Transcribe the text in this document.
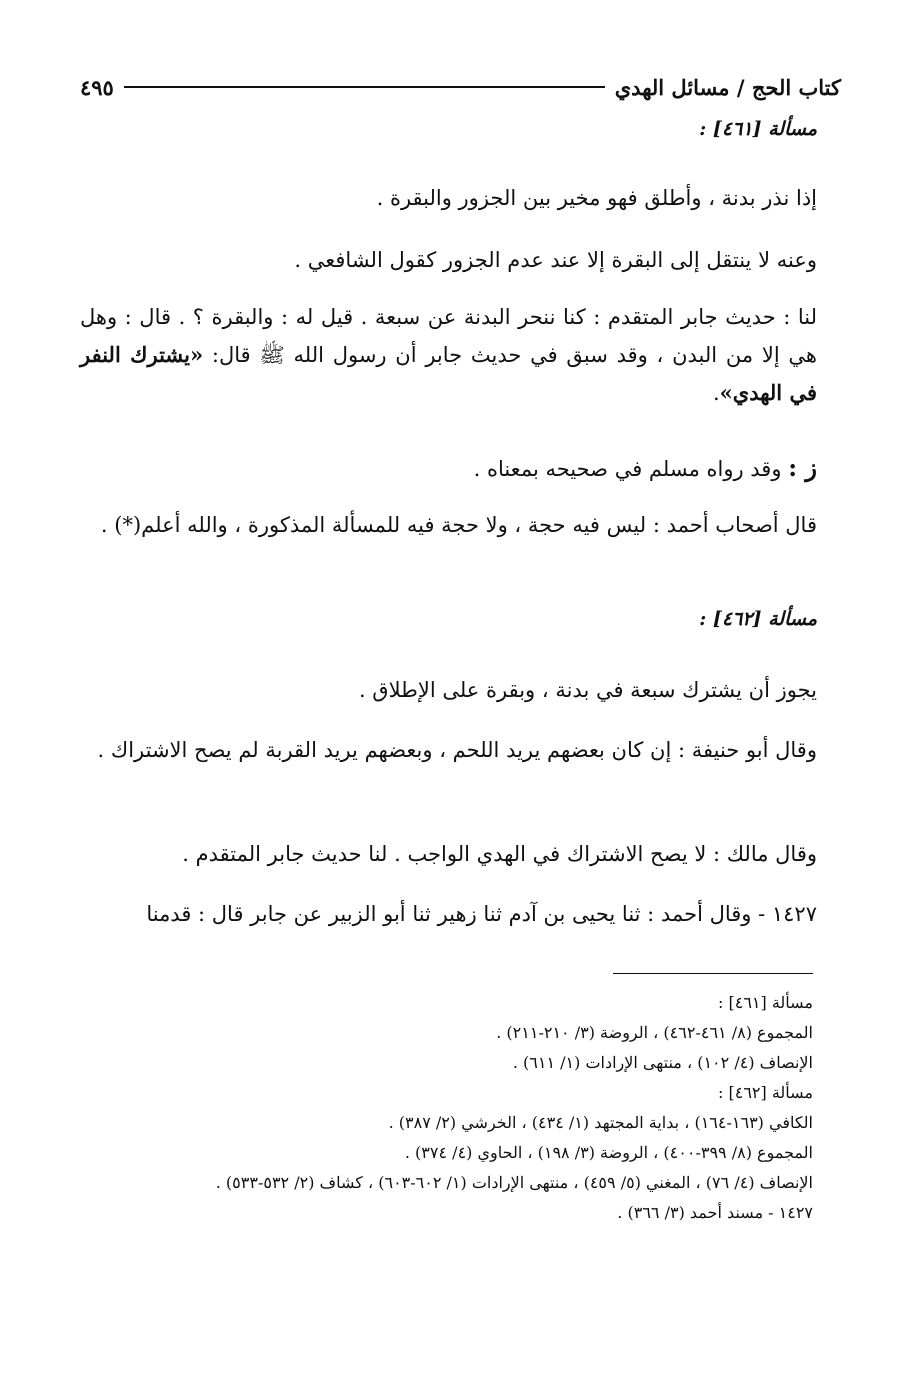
كتاب الحج / مسائل الهدي
٤٩٥
مسألة [٤٦١] :
إذا نذر بدنة ، وأطلق فهو مخير بين الجزور والبقرة .
وعنه لا ينتقل إلى البقرة إلا عند عدم الجزور كقول الشافعي .
لنا : حديث جابر المتقدم : كنا ننحر البدنة عن سبعة . قيل له : والبقرة ؟ . قال : وهل هي إلا من البدن ، وقد سبق في حديث جابر أن رسول الله ﷺ قال: «يشترك النفر في الهدي».
ز : وقد رواه مسلم في صحيحه بمعناه .
قال أصحاب أحمد : ليس فيه حجة ، ولا حجة فيه للمسألة المذكورة ، والله أعلم(*) .
مسألة [٤٦٢] :
يجوز أن يشترك سبعة في بدنة ، وبقرة على الإطلاق .
وقال أبو حنيفة : إن كان بعضهم يريد اللحم ، وبعضهم يريد القربة لم يصح الاشتراك .
وقال مالك : لا يصح الاشتراك في الهدي الواجب . لنا حديث جابر المتقدم .
١٤٢٧ - وقال أحمد : ثنا يحيى بن آدم ثنا زهير ثنا أبو الزبير عن جابر قال : قدمنا
مسألة [٤٦١] :
المجموع (٨/ ٤٦١-٤٦٢) ، الروضة (٣/ ٢١٠-٢١١) .
الإنصاف (٤/ ١٠٢) ، منتهى الإرادات (١/ ٦١١) .
مسألة [٤٦٢] :
الكافي (١٦٣-١٦٤) ، بداية المجتهد (١/ ٤٣٤) ، الخرشي (٢/ ٣٨٧) .
المجموع (٨/ ٣٩٩-٤٠٠) ، الروضة (٣/ ١٩٨) ، الحاوي (٤/ ٣٧٤) .
الإنصاف (٤/ ٧٦) ، المغني (٥/ ٤٥٩) ، منتهى الإرادات (١/ ٦٠٢-٦٠٣) ، كشاف (٢/ ٥٣٢-٥٣٣) .
١٤٢٧ - مسند أحمد (٣/ ٣٦٦) .
